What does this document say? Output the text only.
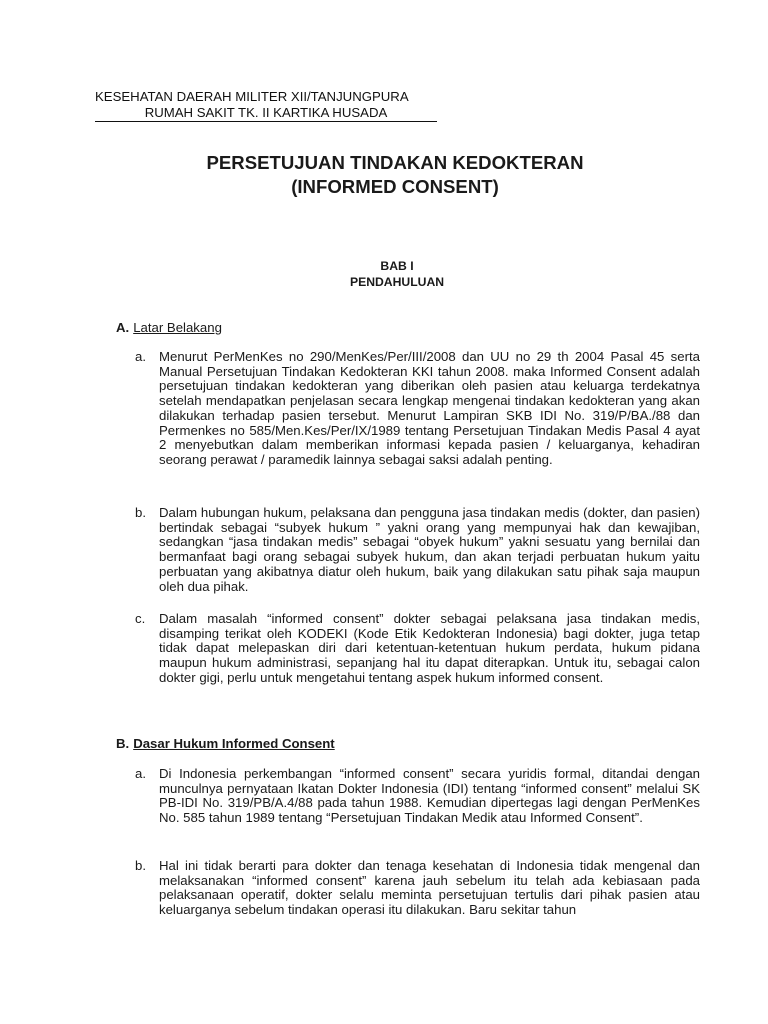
KESEHATAN DAERAH MILITER XII/TANJUNGPURA
RUMAH SAKIT TK. II KARTIKA HUSADA
PERSETUJUAN TINDAKAN KEDOKTERAN
(INFORMED CONSENT)
BAB I
PENDAHULUAN
A. Latar Belakang
a. Menurut PerMenKes no 290/MenKes/Per/III/2008 dan UU no 29 th 2004 Pasal 45 serta Manual Persetujuan Tindakan Kedokteran KKI tahun 2008. maka Informed Consent adalah persetujuan tindakan kedokteran yang diberikan oleh pasien atau keluarga terdekatnya setelah mendapatkan penjelasan secara lengkap mengenai tindakan kedokteran yang akan dilakukan terhadap pasien tersebut. Menurut Lampiran SKB IDI No. 319/P/BA./88 dan Permenkes no 585/Men.Kes/Per/IX/1989 tentang Persetujuan Tindakan Medis Pasal 4 ayat 2 menyebutkan dalam memberikan informasi kepada pasien / keluarganya, kehadiran seorang perawat / paramedik lainnya sebagai saksi adalah penting.
b. Dalam hubungan hukum, pelaksana dan pengguna jasa tindakan medis (dokter, dan pasien) bertindak sebagai “subyek hukum ” yakni orang yang mempunyai hak dan kewajiban, sedangkan “jasa tindakan medis” sebagai “obyek hukum” yakni sesuatu yang bernilai dan bermanfaat bagi orang sebagai subyek hukum, dan akan terjadi perbuatan hukum yaitu perbuatan yang akibatnya diatur oleh hukum, baik yang dilakukan satu pihak saja maupun oleh dua pihak.
c. Dalam masalah “informed consent” dokter sebagai pelaksana jasa tindakan medis, disamping terikat oleh KODEKI (Kode Etik Kedokteran Indonesia) bagi dokter, juga tetap tidak dapat melepaskan diri dari ketentuan-ketentuan hukum perdata, hukum pidana maupun hukum administrasi, sepanjang hal itu dapat diterapkan. Untuk itu, sebagai calon dokter gigi, perlu untuk mengetahui tentang aspek hukum informed consent.
B. Dasar Hukum Informed Consent
a. Di Indonesia perkembangan “informed consent” secara yuridis formal, ditandai dengan munculnya pernyataan Ikatan Dokter Indonesia (IDI) tentang “informed consent” melalui SK PB-IDI No. 319/PB/A.4/88 pada tahun 1988. Kemudian dipertegas lagi dengan PerMenKes No. 585 tahun 1989 tentang “Persetujuan Tindakan Medik atau Informed Consent”.
b. Hal ini tidak berarti para dokter dan tenaga kesehatan di Indonesia tidak mengenal dan melaksanakan “informed consent” karena jauh sebelum itu telah ada kebiasaan pada pelaksanaan operatif, dokter selalu meminta persetujuan tertulis dari pihak pasien atau keluarganya sebelum tindakan operasi itu dilakukan. Baru sekitar tahun
